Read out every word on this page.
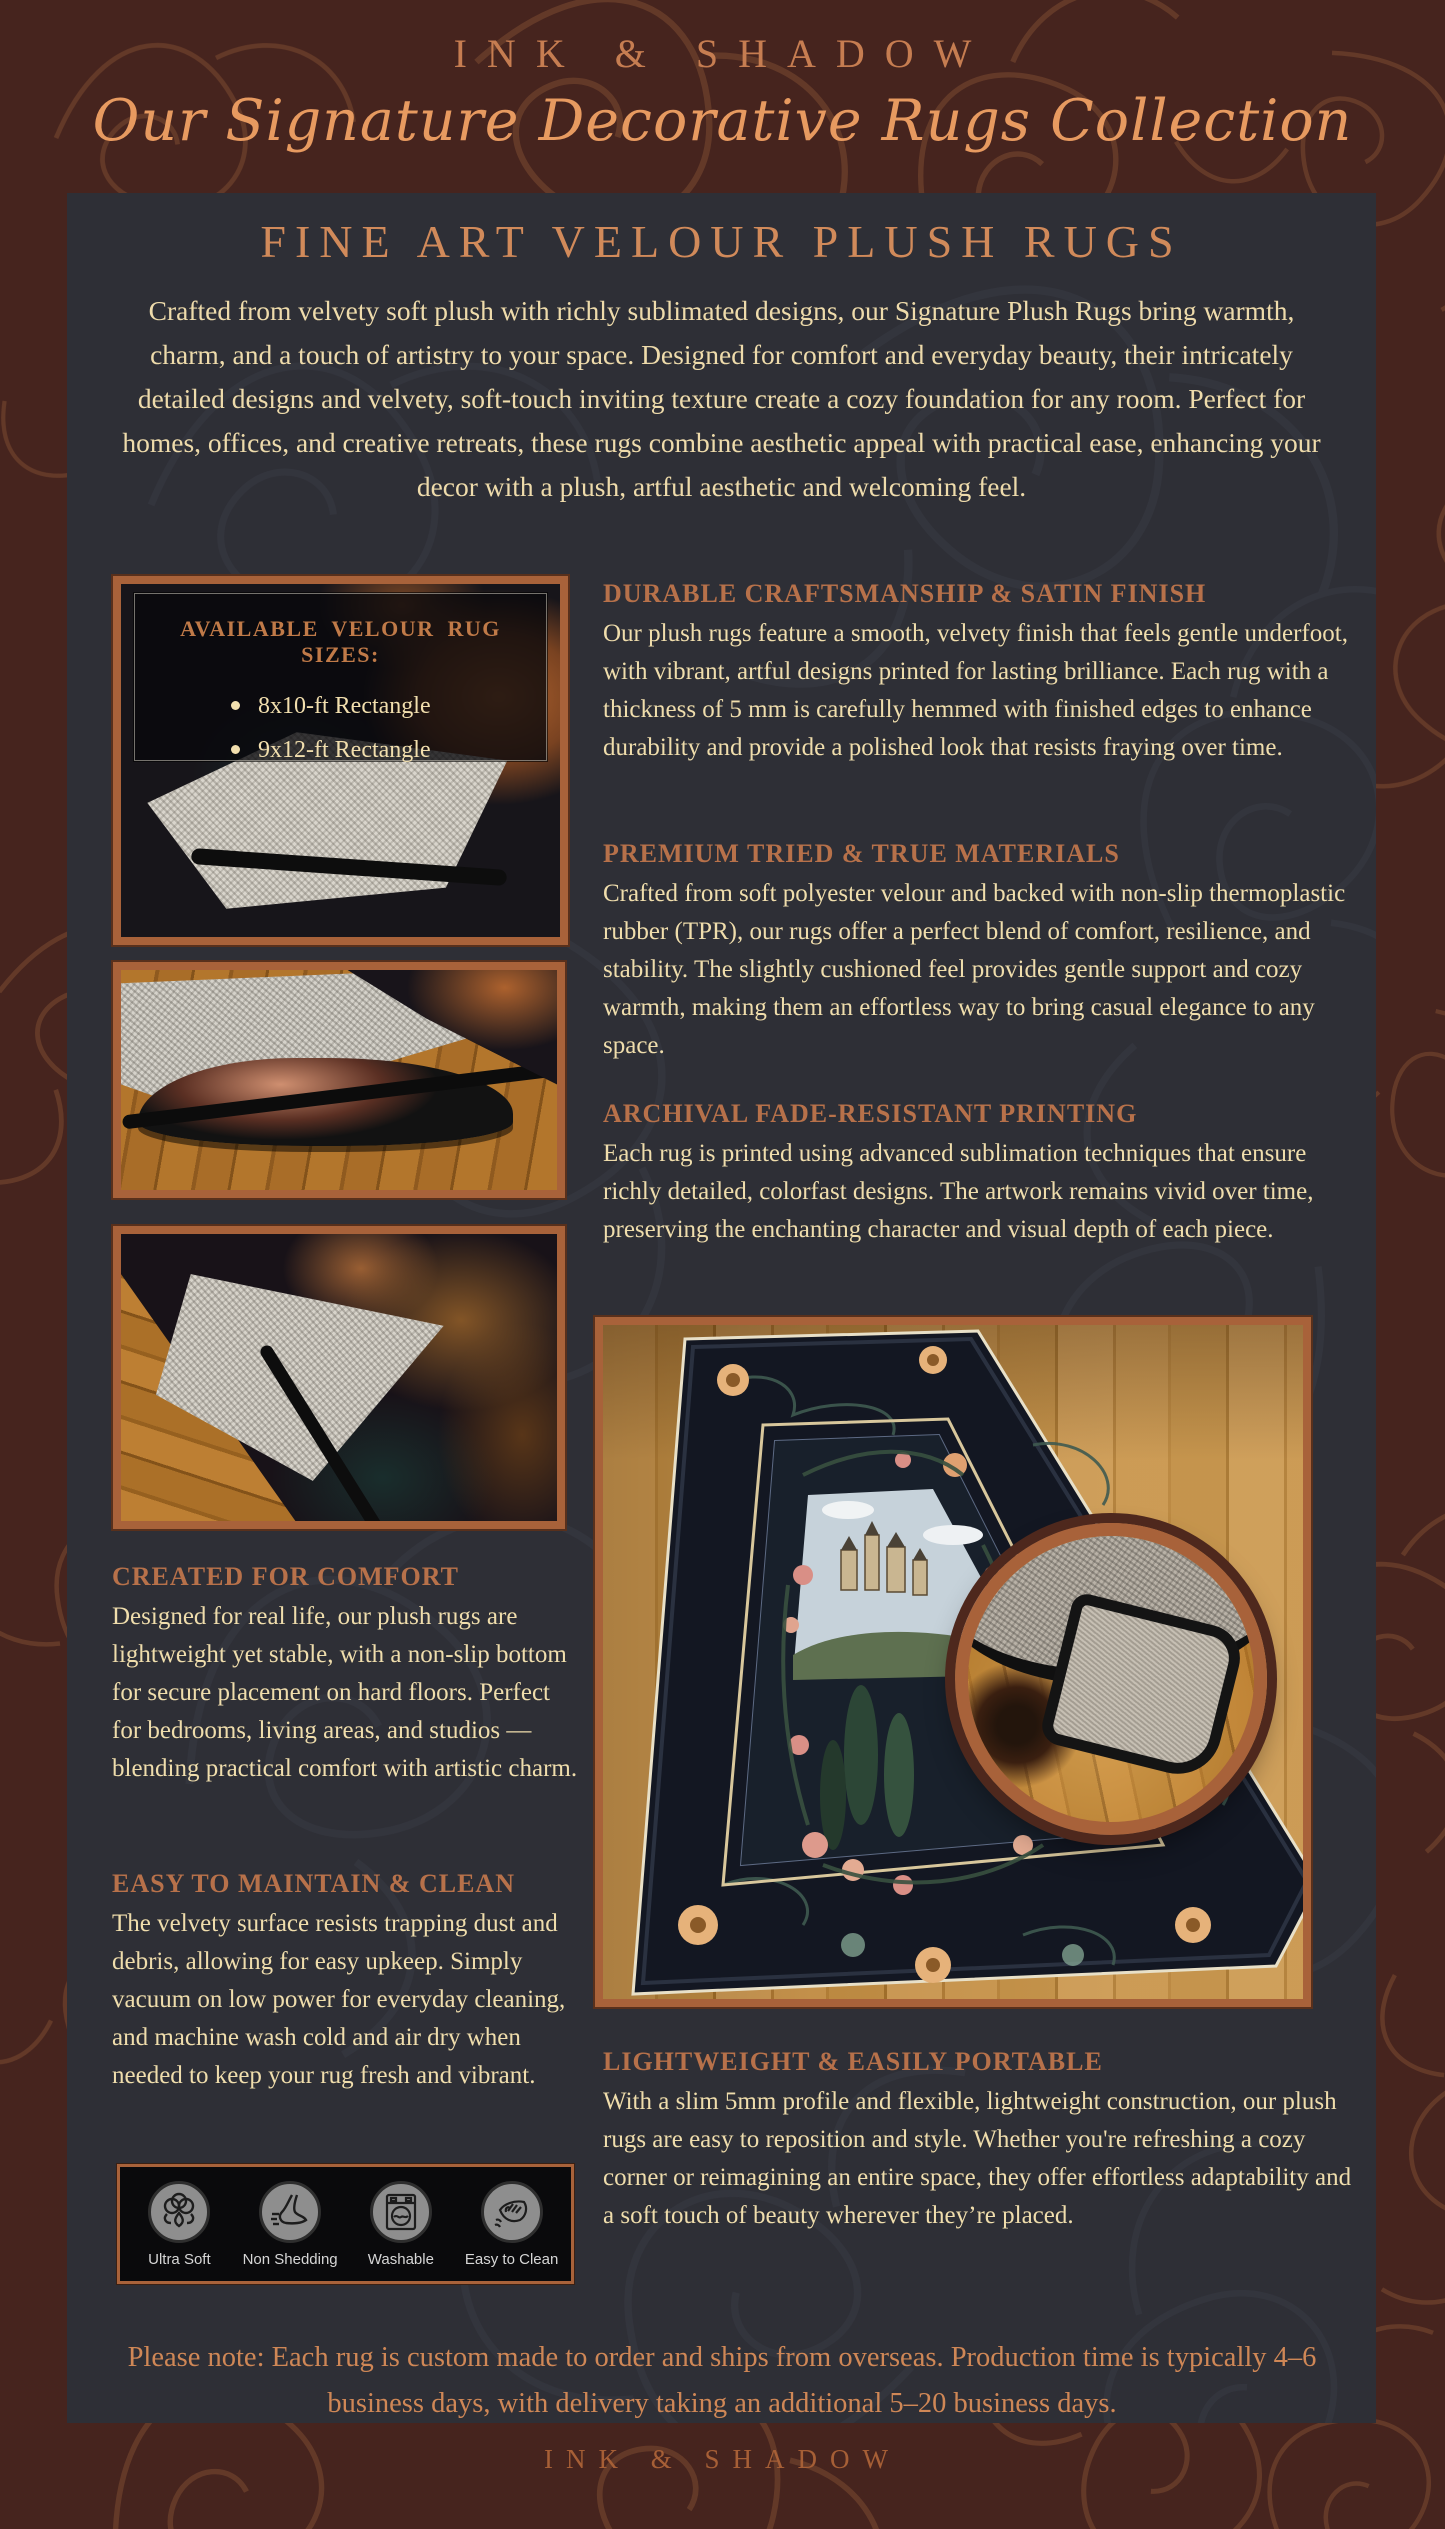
INK & SHADOW
Our Signature Decorative Rugs Collection
FINE ART VELOUR PLUSH RUGS
Crafted from velvety soft plush with richly sublimated designs, our Signature Plush Rugs bring warmth, charm, and a touch of artistry to your space. Designed for comfort and everyday beauty, their intricately detailed designs and velvety, soft-touch inviting texture create a cozy foundation for any room. Perfect for homes, offices, and creative retreats, these rugs combine aesthetic appeal with practical ease, enhancing your decor with a plush, artful aesthetic and welcoming feel.
AVAILABLE VELOUR RUG SIZES:
8x10-ft Rectangle
9x12-ft Rectangle
CREATED FOR COMFORT
Designed for real life, our plush rugs are lightweight yet stable, with a non-slip bottom for secure placement on hard floors. Perfect for bedrooms, living areas, and studios — blending practical comfort with artistic charm.
EASY TO MAINTAIN & CLEAN
The velvety surface resists trapping dust and debris, allowing for easy upkeep. Simply vacuum on low power for everyday cleaning, and machine wash cold and air dry when needed to keep your rug fresh and vibrant.
Ultra Soft Non Shedding Washable Easy to Clean
DURABLE CRAFTSMANSHIP & SATIN FINISH
Our plush rugs feature a smooth, velvety finish that feels gentle underfoot, with vibrant, artful designs printed for lasting brilliance. Each rug with a thickness of 5 mm is carefully hemmed with finished edges to enhance durability and provide a polished look that resists fraying over time.
PREMIUM TRIED & TRUE MATERIALS
Crafted from soft polyester velour and backed with non-slip thermoplastic rubber (TPR), our rugs offer a perfect blend of comfort, resilience, and stability. The slightly cushioned feel provides gentle support and cozy warmth, making them an effortless way to bring casual elegance to any space.
ARCHIVAL FADE-RESISTANT PRINTING
Each rug is printed using advanced sublimation techniques that ensure richly detailed, colorfast designs. The artwork remains vivid over time, preserving the enchanting character and visual depth of each piece.
LIGHTWEIGHT & EASILY PORTABLE
With a slim 5mm profile and flexible, lightweight construction, our plush rugs are easy to reposition and style. Whether you're refreshing a cozy corner or reimagining an entire space, they offer effortless adaptability and a soft touch of beauty wherever they’re placed.
Please note: Each rug is custom made to order and ships from overseas. Production time is typically 4–6 business days, with delivery taking an additional 5–20 business days.
INK & SHADOW
